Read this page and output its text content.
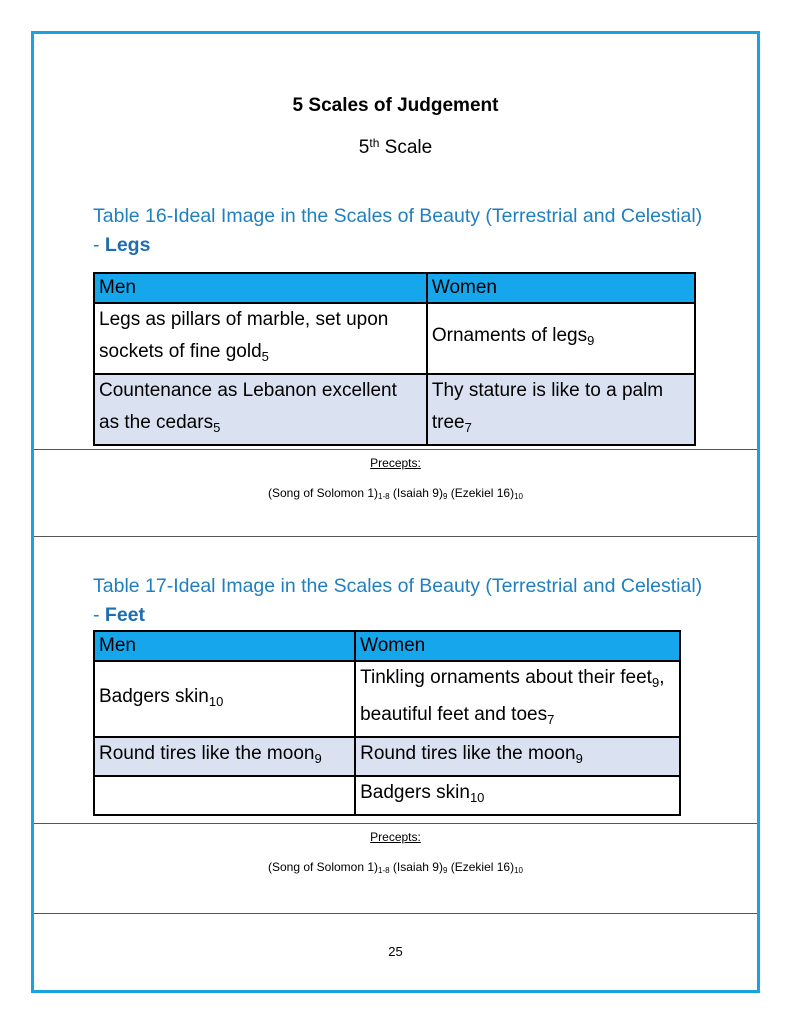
5 Scales of Judgement
5th Scale
Table 16-Ideal Image in the Scales of Beauty (Terrestrial and Celestial) - Legs
Men	Women
Legs as pillars of marble, set upon sockets of fine gold$_5$	Ornaments of legs$_9$
Countenance as Lebanon excellent as the cedars$_5$	Thy stature is like to a palm tree$_7$
Precepts:
(Song of Solomon $1)_{1-8}$ (Isaiah $9)_9$ (Ezekiel $16)_{10}$
Table 17-Ideal Image in the Scales of Beauty (Terrestrial and Celestial) - Feet
Men	Women
Badgers skin$_{10}$	Tinkling ornaments about their feet$_9$, beautiful feet and toes$_7$
Round tires like the moon$_9$	Round tires like the moon$_9$
	Badgers skin$_{10}$
Precepts:
(Song of Solomon $1)_{1-8}$ (Isaiah $9)_9$ (Ezekiel $16)_{10}$
25
